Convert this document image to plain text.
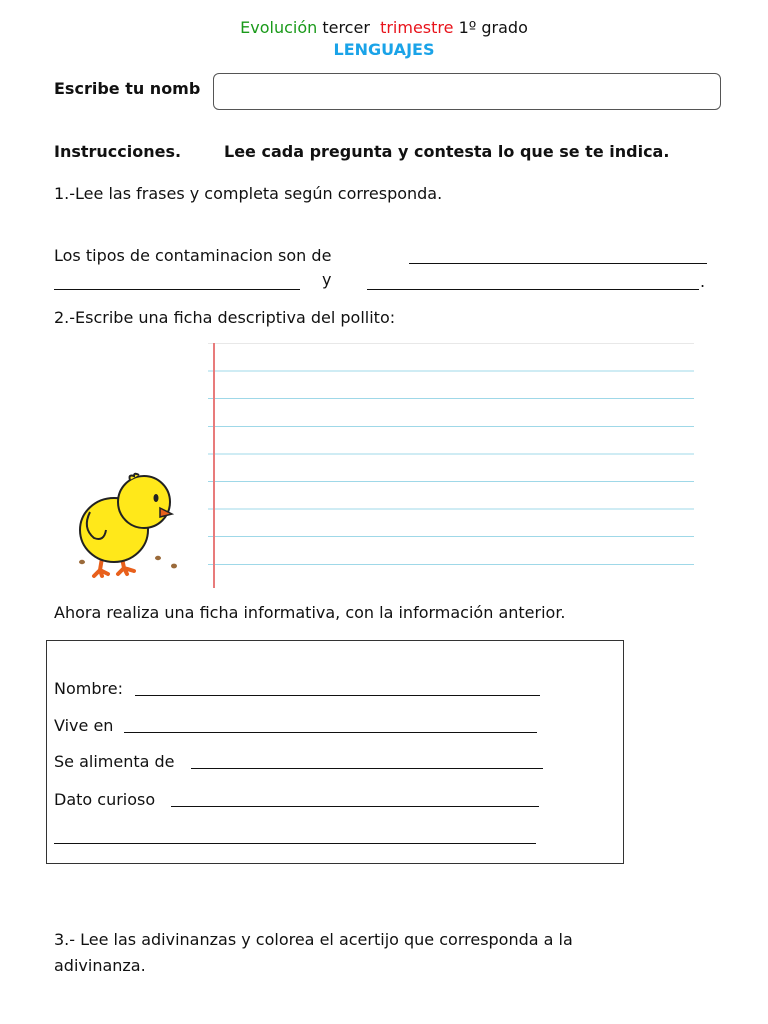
Evolución tercer  trimestre 1º grado
LENGUAJES
Escribe tu nomb
Instrucciones.	Lee cada pregunta y contesta lo que se te indica.
1.-Lee las frases y completa según corresponda.
Los tipos de contaminacion son de
y	.
2.-Escribe una ficha descriptiva del pollito:
Ahora realiza una ficha informativa, con la información anterior.
Nombre:
Vive en
Se alimenta de
Dato curioso
3.- Lee las adivinanzas y colorea el acertijo que corresponda a la
adivinanza.
